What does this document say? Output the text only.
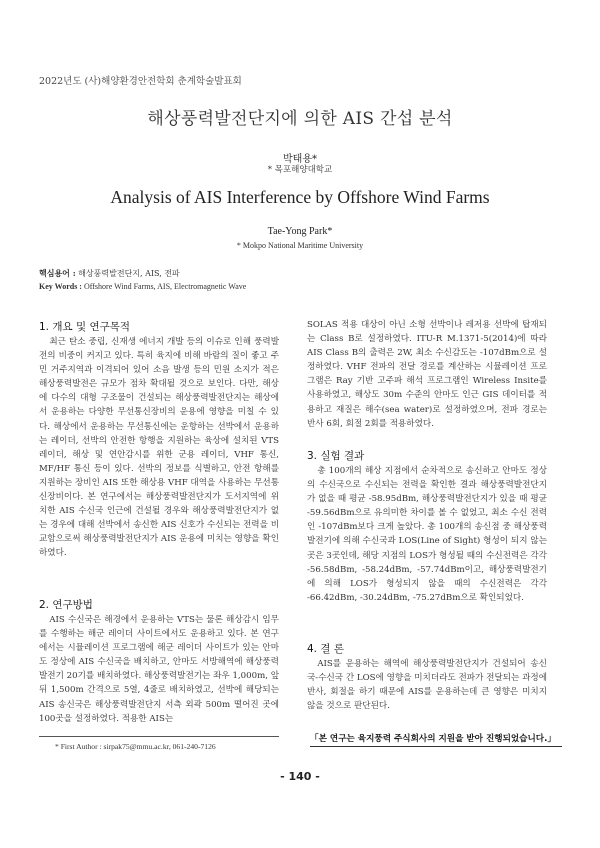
2022년도 (사)해양환경안전학회 춘계학술발표회
해상풍력발전단지에 의한 AIS 간섭 분석
박태용*
* 목포해양대학교
Analysis of AIS Interference by Offshore Wind Farms
Tae-Yong Park*
* Mokpo National Maritime University
핵심용어 : 해상풍력발전단지, AIS, 전파
Key Words : Offshore Wind Farms, AIS, Electromagnetic Wave
1. 개요 및 연구목적

최근 탄소 중립, 신재생 에너지 개발 등의 이슈로 인해 풍력발전의 비중이 커지고 있다. 특히 육지에 비해 바람의 질이 좋고 주민 거주지역과 이격되어 있어 소음 발생 등의 민원 소지가 적은 해상풍력발전은 규모가 점차 확대될 것으로 보인다. 다만, 해상에 다수의 대형 구조물이 건설되는 해상풍력발전단지는 해상에서 운용하는 다양한 무선통신장비의 운용에 영향을 미칠 수 있다. 해상에서 운용하는 무선통신에는 운항하는 선박에서 운용하는 레이더, 선박의 안전한 항행을 지원하는 육상에 설치된 VTS 레이더, 해상 및 연안감시를 위한 군용 레이더, VHF 통신, MF/HF 통신 등이 있다. 선박의 정보를 식별하고, 안전 항해를 지원하는 장비인 AIS 또한 해상용 VHF 대역을 사용하는 무선통신장비이다. 본 연구에서는 해상풍력발전단지가 도서지역에 위치한 AIS 수신국 인근에 건설될 경우와 해상풍력발전단지가 없는 경우에 대해 선박에서 송신한 AIS 신호가 수신되는 전력을 비교함으로써 해상풍력발전단지가 AIS 운용에 미치는 영향을 확인하였다.

2. 연구방법

AIS 수신국은 해경에서 운용하는 VTS는 물론 해상감시 임무를 수행하는 해군 레이더 사이트에서도 운용하고 있다. 본 연구에서는 시뮬레이션 프로그램에 해군 레이더 사이트가 있는 안마도 정상에 AIS 수신국을 배치하고, 안마도 서방해역에 해상풍력발전기 20기를 배치하였다. 해상풍력발전기는 좌우 1,000m, 앞뒤 1,500m 간격으로 5열, 4줄로 배치하였고, 선박에 해당되는 AIS 송신국은 해상풍력발전단지 서측 외곽 500m 떨어진 곳에 100곳을 설정하였다. 적용한 AIS는

* First Author : sirpak75@mmu.ac.kr, 061-240-7126

SOLAS 적용 대상이 아닌 소형 선박이나 레저용 선박에 탑재되는 Class B로 설정하였다. ITU-R M.1371-5(2014)에 따라 AIS Class B의 출력은 2W, 최소 수신감도는 -107dBm으로 설정하였다. VHF 전파의 전달 경로를 계산하는 시뮬레이션 프로그램은 Ray 기반 고주파 해석 프로그램인 Wireless Insite를 사용하였고, 해상도 30m 수준의 안마도 인근 GIS 데이터를 적용하고 재질은 해수(sea water)로 설정하였으며, 전파 경로는 반사 6회, 회절 2회를 적용하였다.

3. 실험 결과

총 100개의 해상 지점에서 순차적으로 송신하고 안마도 정상의 수신국으로 수신되는 전력을 확인한 결과 해상풍력발전단지가 없을 때 평균 -58.95dBm, 해상풍력발전단지가 있을 때 평균 -59.56dBm으로 유의미한 차이를 볼 수 없었고, 최소 수신 전력인 -107dBm보다 크게 높았다. 총 100개의 송신점 중 해상풍력발전기에 의해 수신국과 LOS(Line of Sight) 형성이 되지 않는 곳은 3곳인데, 해당 지점의 LOS가 형성될 때의 수신전력은 각각 -56.58dBm, -58.24dBm, -57.74dBm이고, 해상풍력발전기에 의해 LOS가 형성되지 않을 때의 수신전력은 각각 -66.42dBm, -30.24dBm, -75.27dBm으로 확인되었다.

4. 결 론

AIS를 운용하는 해역에 해상풍력발전단지가 건설되어 송신국-수신국 간 LOS에 영향을 미치더라도 전파가 전달되는 과정에 반사, 회절을 하기 때문에 AIS를 운용하는데 큰 영향은 미치지 않을 것으로 판단된다.

「본 연구는 육지풍력 주식회사의 지원을 받아 진행되었습니다.」
- 140 -
